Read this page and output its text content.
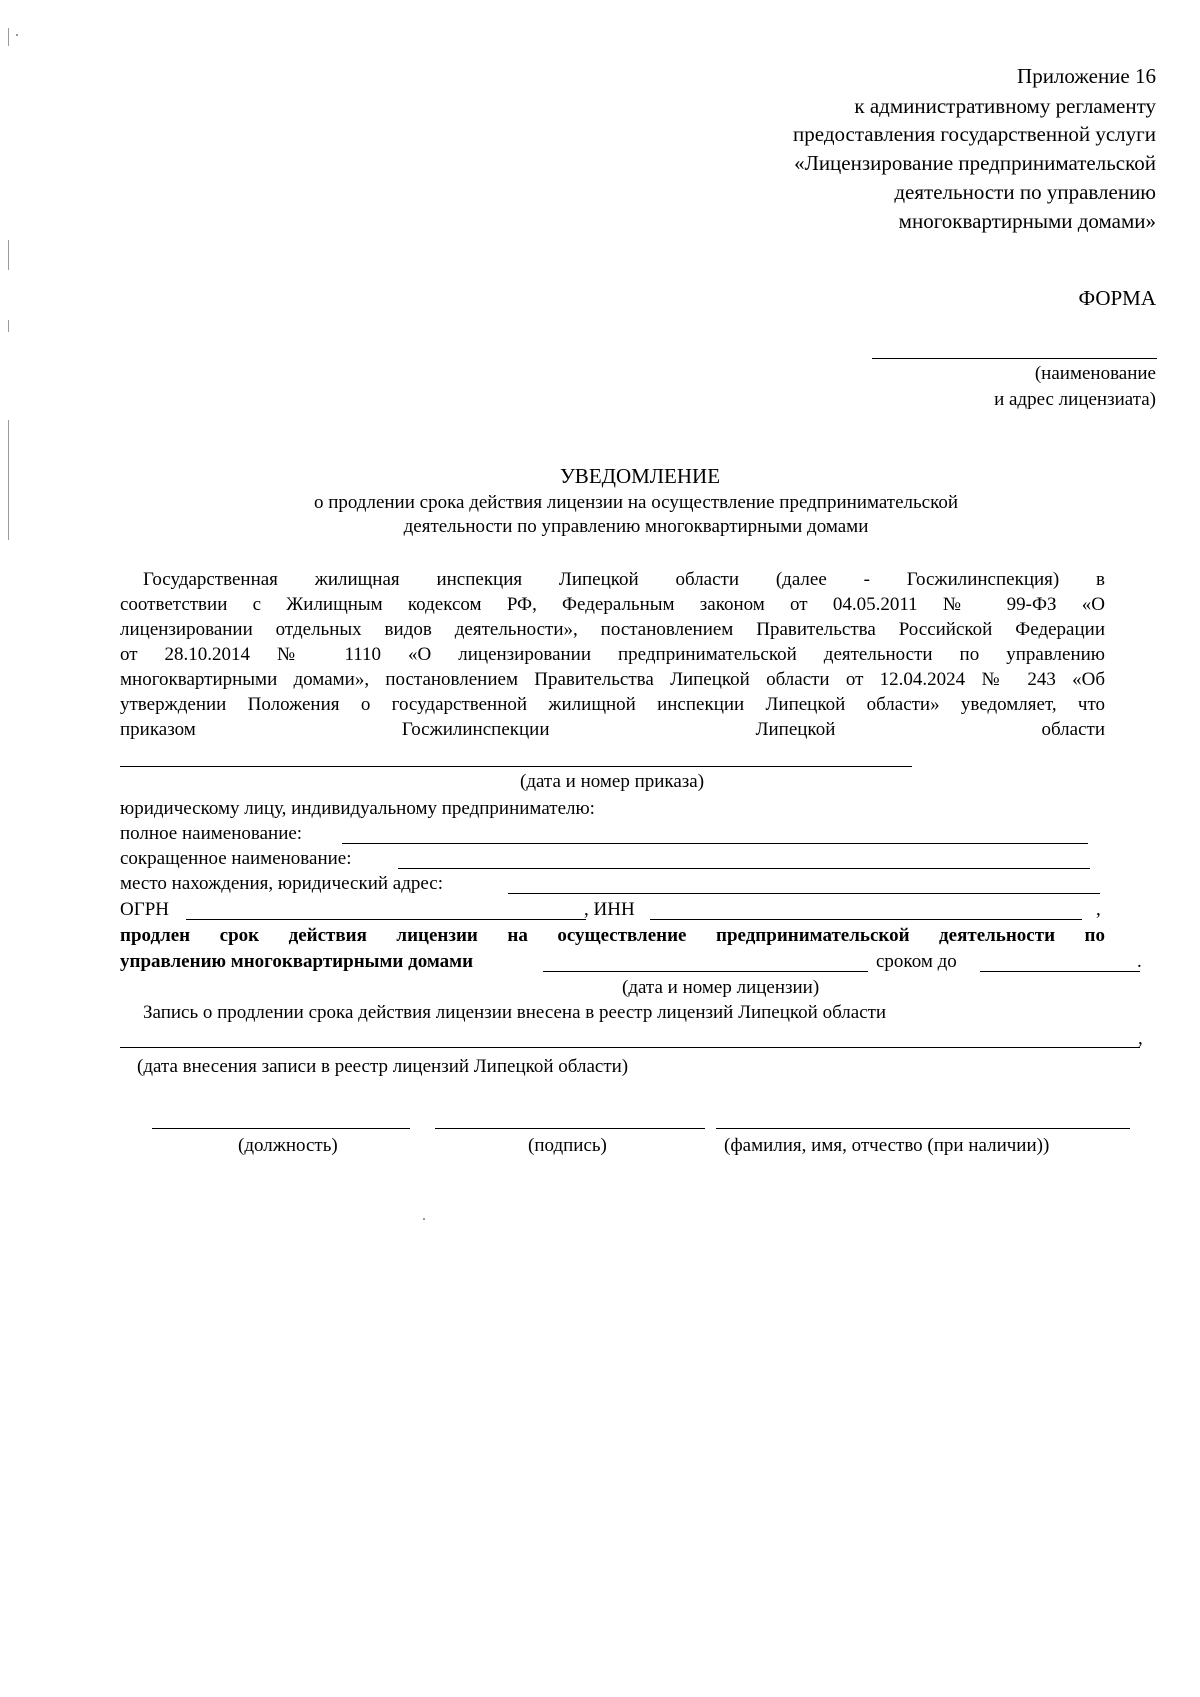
Приложение 16
к административному регламенту
предоставления государственной услуги
«Лицензирование предпринимательской
деятельности по управлению
многоквартирными домами»
ФОРМА
(наименование
и адрес лицензиата)
УВЕДОМЛЕНИЕ
о продлении срока действия лицензии на осуществление предпринимательской
деятельности по управлению многоквартирными домами
Государственная жилищная инспекция Липецкой области (далее - Госжилинспекция) в
соответствии с Жилищным кодексом РФ, Федеральным законом от 04.05.2011 № 99-ФЗ «О
лицензировании отдельных видов деятельности», постановлением Правительства Российской Федерации
от 28.10.2014 № 1110 «О лицензировании предпринимательской деятельности по управлению
многоквартирными домами», постановлением Правительства Липецкой области от 12.04.2024 № 243 «Об
утверждении Положения о государственной жилищной инспекции Липецкой области» уведомляет, что
приказом Госжилинспекции Липецкой области
(дата и номер приказа)
юридическому лицу, индивидуальному предпринимателю:
полное наименование:
сокращенное наименование:
место нахождения, юридический адрес:
ОГРН	, ИНН	,
продлен срок действия лицензии на осуществление предпринимательской деятельности по
управлению многоквартирными домами	сроком до	.
(дата и номер лицензии)
Запись о продлении срока действия лицензии внесена в реестр лицензий Липецкой области
,
(дата внесения записи в реестр лицензий Липецкой области)
(должность)	(подпись)	(фамилия, имя, отчество (при наличии))
